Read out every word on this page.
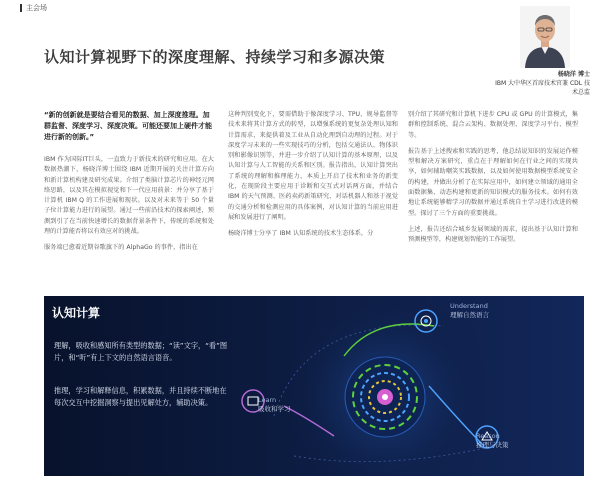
主会场
杨晓洋 博士
IBM 大中华区首席技术官兼 CDL 技术总监
认知计算视野下的深度理解、持续学习和多源决策
“新的创新就是要结合看见的数据、加上深度推理。加群监督、深度学习、深度决策。可能还要加上硬件才能进行新的创新。”

IBM 作为国际IT巨头，一直致力于新技术的研究和应用。在大数据热潮下，杨晓洋博士围绕 IBM 近期开展的关注计算方向和新计算机构建及研究成果。介绍了类脑计算芯片的神经元网络思路，以及其在模拟视觉和下一代应用前景：并分享了基于计算机 IBM Q 的工作进展和现状。以及对未来等于 50 个量子位计算能力进行的展望。通过一些前沿技术的探索阐述，预测到引了在当前快速增长的数据背景条件下，传统的系统和处理的计算能否将以有效应对的挑战。

服务端已愈着近期谷歌旗下的 AlphaGo 的事件，指出在

这种判别变化下，要需借助于像深度学习、TPU、规导监督等技术来将其计算方式的转型，以增强系统的更复杂处理认知和计算需求，来提供着及工业从自动化理到自动理的过程。对于深度学习未来的一些实现技巧的分析，包括交通法认、物体识别和影像识别等，并进一步介绍了认知计算的基本原理，以及认知计算与人工智能的关系和区别。报告指出，认知计算突出了系统的理解和推理能力，本质上开启了技术和业务的新变化，在现阶段主要应用于诊断和交互式对话两方面，并结合 IBM 的天气预测、医药卖药新策研究、对话机器人和基于视觉的交通分析和检测应用的具体案例，对认知计算的当前应用进展和发展进行了阐明。

杨晓洋博士分享了 IBM 认知系统的技术生态体系，分

别介绍了其研究和计算机下进步 CPU 或 GPU 的计算模式，集群和控制系统、混合云架构、数据处理、深度学习平台、模型等。

报告基于上述搜索和实践的思考，他总结说知识的发展运作模型和解决方案研究，重点在于理解如何在行业之间的实现共享，如何辅助嘲笑实践数据，以及如何使用数据模型系统安全的构建，并做出分析了在实际应用中，如何建立领域的通用全面数据集、动态构建和更新的知识模式的服务技术。如何有效地让系统能够精学习的数据并通过系统自主学习进行改进的模型。探讨了三个方面的重要挑战。

上述，报告还结合城乡发展领域的需求，提出基于认知计算和预测模型等，构建规划智能的工作展望。

认知计算
理解，吸收和感知所有类型的数据；“读”文字，“看”图片，和“听”有上下文的自然语言语音。
推理，学习和解释信息，积累数据，并且持续不断地在每次交互中挖掘洞察与提出见解处方，辅助决策。
Understand
理解自然语言
Learn
吸收和学习
Reason
推理与决策
